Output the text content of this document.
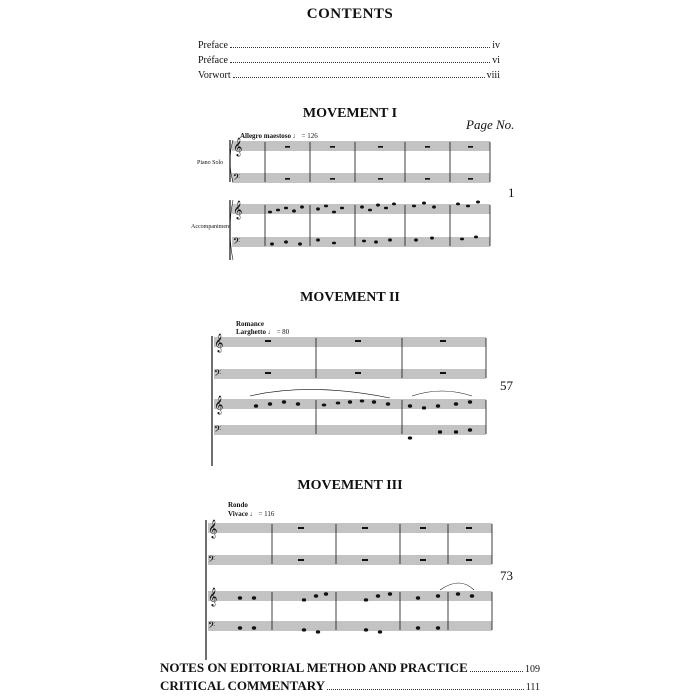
CONTENTS
Preface	iv
Préface	vi
Vorwort	viii
MOVEMENT I
Page No.
Allegro maestoso ♩ = 126
Piano Solo
Accompaniment
1
MOVEMENT II
Romance
Larghetto ♩ = 80
57
MOVEMENT III
Rondo
Vivace ♩ = 116
73
𝄞
𝄢
𝄞
𝄢
𝄞
𝄢
𝄞
𝄢
𝄞
𝄢
𝄞
𝄢
NOTES ON EDITORIAL METHOD AND PRACTICE	109
CRITICAL COMMENTARY	111
